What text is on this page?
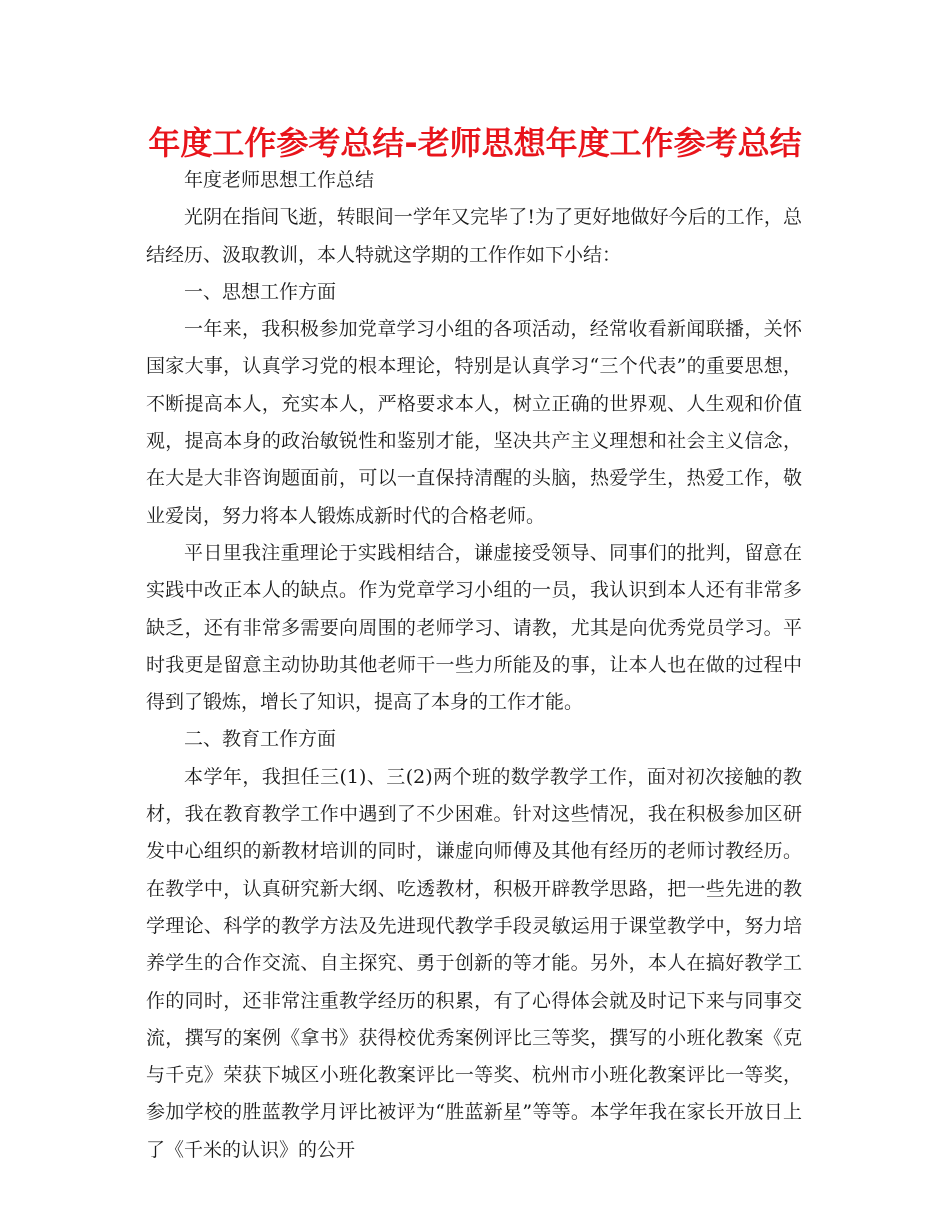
年度工作参考总结-老师思想年度工作参考总结

年度老师思想工作总结

光阴在指间飞逝，转眼间一学年又完毕了!为了更好地做好今后的工作，总结经历、汲取教训，本人特就这学期的工作作如下小结：

一、思想工作方面

一年来，我积极参加党章学习小组的各项活动，经常收看新闻联播，关怀国家大事，认真学习党的根本理论，特别是认真学习“三个代表”的重要思想，不断提高本人，充实本人，严格要求本人，树立正确的世界观、人生观和价值观，提高本身的政治敏锐性和鉴别才能，坚决共产主义理想和社会主义信念，在大是大非咨询题面前，可以一直保持清醒的头脑，热爱学生，热爱工作，敬业爱岗，努力将本人锻炼成新时代的合格老师。

平日里我注重理论于实践相结合，谦虚接受领导、同事们的批判，留意在实践中改正本人的缺点。作为党章学习小组的一员，我认识到本人还有非常多缺乏，还有非常多需要向周围的老师学习、请教，尤其是向优秀党员学习。平时我更是留意主动协助其他老师干一些力所能及的事，让本人也在做的过程中得到了锻炼，增长了知识，提高了本身的工作才能。

二、教育工作方面

本学年，我担任三(1)、三(2)两个班的数学教学工作，面对初次接触的教材，我在教育教学工作中遇到了不少困难。针对这些情况，我在积极参加区研发中心组织的新教材培训的同时，谦虚向师傅及其他有经历的老师讨教经历。在教学中，认真研究新大纲、吃透教材，积极开辟教学思路，把一些先进的教学理论、科学的教学方法及先进现代教学手段灵敏运用于课堂教学中，努力培养学生的合作交流、自主探究、勇于创新的等才能。另外，本人在搞好教学工作的同时，还非常注重教学经历的积累，有了心得体会就及时记下来与同事交流，撰写的案例《拿书》获得校优秀案例评比三等奖，撰写的小班化教案《克与千克》荣获下城区小班化教案评比一等奖、杭州市小班化教案评比一等奖，参加学校的胜蓝教学月评比被评为“胜蓝新星”等等。本学年我在家长开放日上了《千米的认识》的公开
